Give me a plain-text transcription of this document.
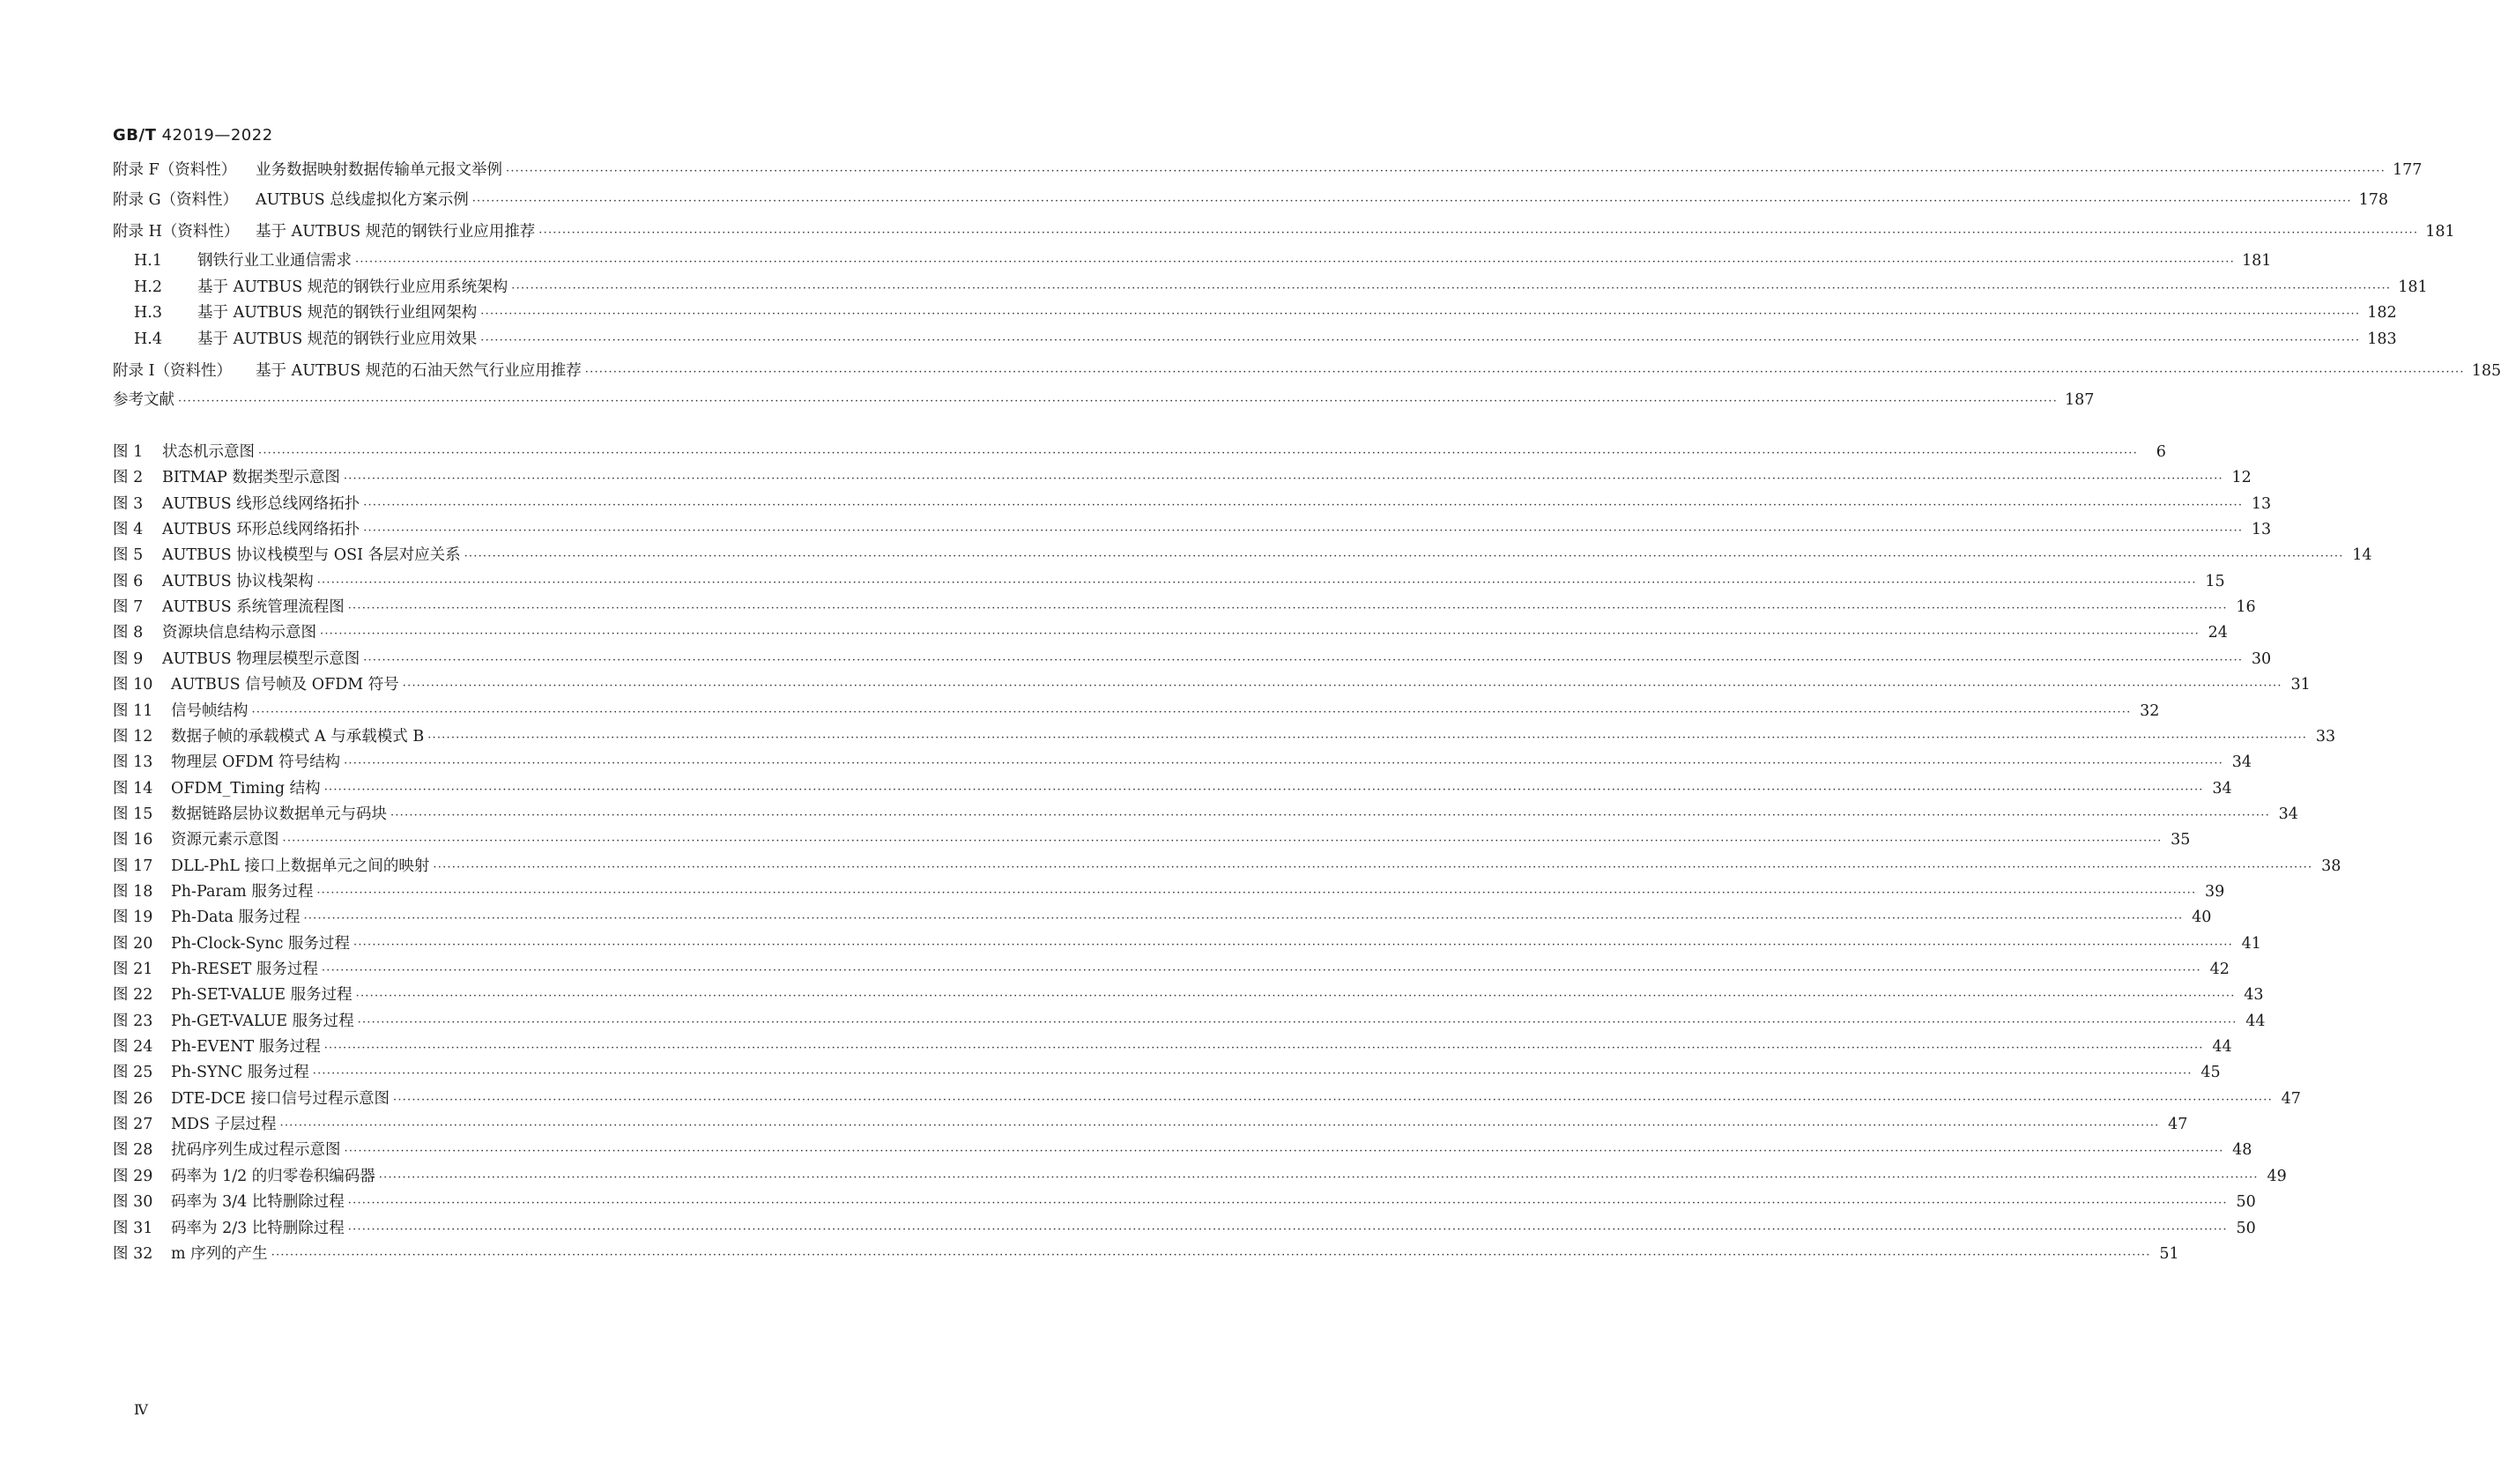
GB/T 42019—2022
附录 F（资料性）	业务数据映射数据传输单元报文举例 ················································································································································································································································································································································································································ 177
附录 G（资料性）	AUTBUS 总线虚拟化方案示例 ················································································································································································································································································································································································································ 178
附录 H（资料性）	基于 AUTBUS 规范的钢铁行业应用推荐 ················································································································································································································································································································································································································ 181
H.1	钢铁行业工业通信需求 ················································································································································································································································································································································································································ 181
H.2	基于 AUTBUS 规范的钢铁行业应用系统架构 ················································································································································································································································································································································································································ 181
H.3	基于 AUTBUS 规范的钢铁行业组网架构 ················································································································································································································································································································································································································ 182
H.4	基于 AUTBUS 规范的钢铁行业应用效果 ················································································································································································································································································································································································································ 183
附录 I（资料性）	基于 AUTBUS 规范的石油天然气行业应用推荐 ················································································································································································································································································································································································································ 185
参考文献 ················································································································································································································································································································································································································ 187
图 1	状态机示意图 ················································································································································································································································································································································································································	6
图 2	BITMAP 数据类型示意图 ················································································································································································································································································································································································································ 12
图 3	AUTBUS 线形总线网络拓扑 ················································································································································································································································································································································································································ 13
图 4	AUTBUS 环形总线网络拓扑 ················································································································································································································································································································································································································ 13
图 5	AUTBUS 协议栈模型与 OSI 各层对应关系 ················································································································································································································································································································································································································ 14
图 6	AUTBUS 协议栈架构 ················································································································································································································································································································································································································ 15
图 7	AUTBUS 系统管理流程图 ················································································································································································································································································································································································································ 16
图 8	资源块信息结构示意图 ················································································································································································································································································································································································································ 24
图 9	AUTBUS 物理层模型示意图 ················································································································································································································································································································································································································ 30
图 10	AUTBUS 信号帧及 OFDM 符号 ················································································································································································································································································································································································································ 31
图 11	信号帧结构 ················································································································································································································································································································································································································ 32
图 12	数据子帧的承载模式 A 与承载模式 B ················································································································································································································································································································································································································ 33
图 13	物理层 OFDM 符号结构 ················································································································································································································································································································································································································ 34
图 14	OFDM_Timing 结构 ················································································································································································································································································································································································································ 34
图 15	数据链路层协议数据单元与码块 ················································································································································································································································································································································································································ 34
图 16	资源元素示意图 ················································································································································································································································································································································································································ 35
图 17	DLL-PhL 接口上数据单元之间的映射 ················································································································································································································································································································································································································ 38
图 18	Ph-Param 服务过程 ················································································································································································································································································································································································································ 39
图 19	Ph-Data 服务过程 ················································································································································································································································································································································································································ 40
图 20	Ph-Clock-Sync 服务过程 ················································································································································································································································································································································································································ 41
图 21	Ph-RESET 服务过程 ················································································································································································································································································································································································································ 42
图 22	Ph-SET-VALUE 服务过程 ················································································································································································································································································································································································································ 43
图 23	Ph-GET-VALUE 服务过程 ················································································································································································································································································································································································································ 44
图 24	Ph-EVENT 服务过程 ················································································································································································································································································································································································································ 44
图 25	Ph-SYNC 服务过程 ················································································································································································································································································································································································································ 45
图 26	DTE-DCE 接口信号过程示意图 ················································································································································································································································································································································································································ 47
图 27	MDS 子层过程 ················································································································································································································································································································································································································ 47
图 28	扰码序列生成过程示意图 ················································································································································································································································································································································································································ 48
图 29	码率为 1/2 的归零卷积编码器 ················································································································································································································································································································································································································ 49
图 30	码率为 3/4 比特删除过程 ················································································································································································································································································································································································································ 50
图 31	码率为 2/3 比特删除过程 ················································································································································································································································································································································································································ 50
图 32	m 序列的产生 ················································································································································································································································································································································································································ 51
Ⅳ
